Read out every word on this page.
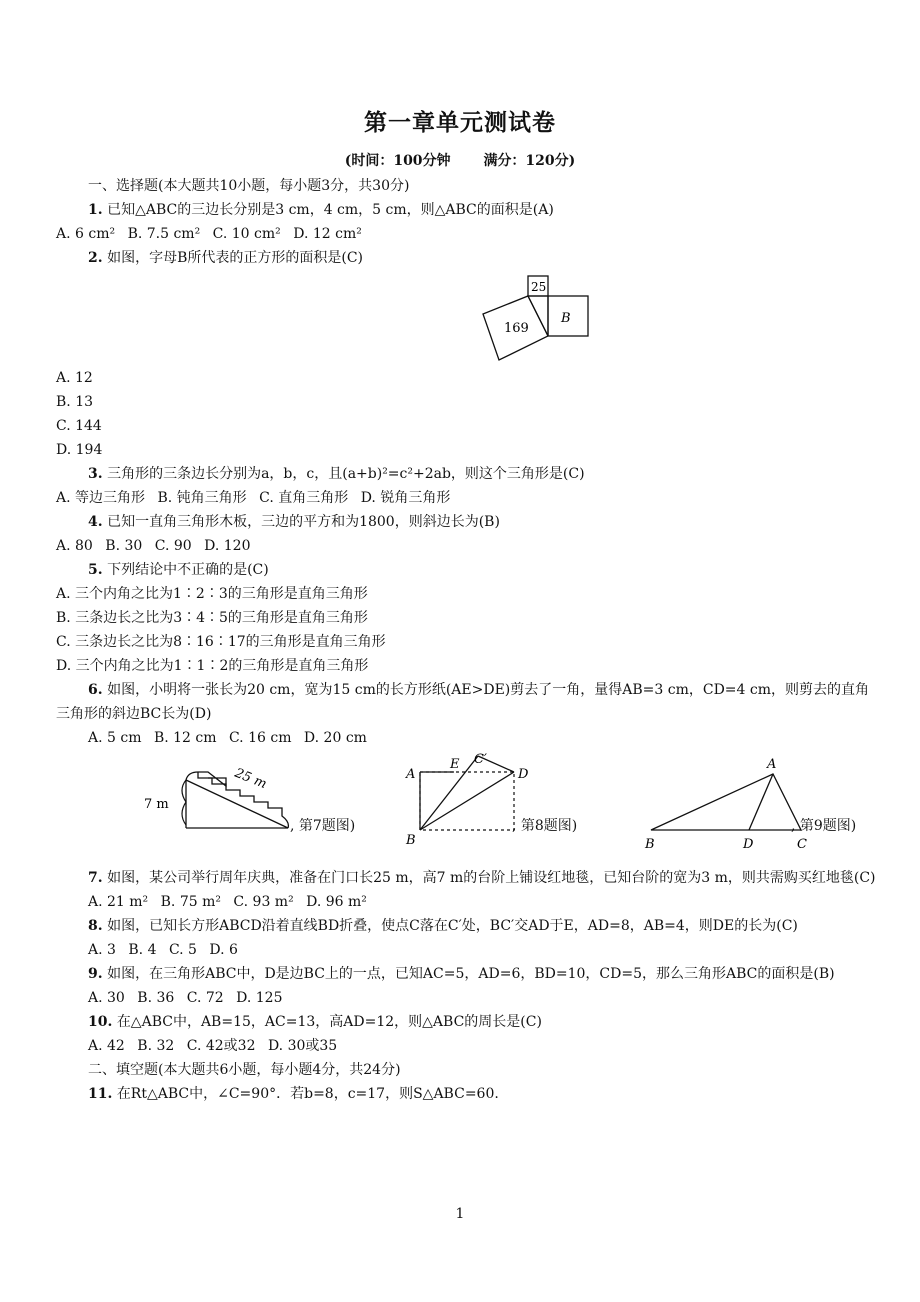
第一章单元测试卷
(时间：100分钟 满分：120分)
一、选择题(本大题共10小题，每小题3分，共30分)
1. 已知△ABC的三边长分别是3 cm，4 cm，5 cm，则△ABC的面积是(A)
A. 6 cm² B. 7.5 cm² C. 10 cm² D. 12 cm²
2. 如图，字母B所代表的正方形的面积是(C)
25
169
B
A. 12
B. 13
C. 144
D. 194
3. 三角形的三条边长分别为a，b，c，且(a+b)²=c²+2ab，则这个三角形是(C)
A. 等边三角形 B. 钝角三角形 C. 直角三角形 D. 锐角三角形
4. 已知一直角三角形木板，三边的平方和为1800，则斜边长为(B)
A. 80 B. 30 C. 90 D. 120
5. 下列结论中不正确的是(C)
A. 三个内角之比为1∶2∶3的三角形是直角三角形
B. 三条边长之比为3∶4∶5的三角形是直角三角形
C. 三条边长之比为8∶16∶17的三角形是直角三角形
D. 三个内角之比为1∶1∶2的三角形是直角三角形
6. 如图，小明将一张长为20 cm，宽为15 cm的长方形纸(AE>DE)剪去了一角，量得AB=3 cm，CD=4 cm，则剪去的直角三角形的斜边BC长为(D)
A. 5 cm B. 12 cm C. 16 cm D. 20 cm
25 m
7 m
, 第7题图)
A
B
D
E C′
, 第8题图)
A
B	D	C
, 第9题图)
7. 如图，某公司举行周年庆典，准备在门口长25 m，高7 m的台阶上铺设红地毯，已知台阶的宽为3 m，则共需购买红地毯(C)
A. 21 m² B. 75 m² C. 93 m² D. 96 m²
8. 如图，已知长方形ABCD沿着直线BD折叠，使点C落在C′处，BC′交AD于E，AD=8，AB=4，则DE的长为(C)
A. 3 B. 4 C. 5 D. 6
9. 如图，在三角形ABC中，D是边BC上的一点，已知AC=5，AD=6，BD=10，CD=5，那么三角形ABC的面积是(B)
A. 30 B. 36 C. 72 D. 125
10. 在△ABC中，AB=15，AC=13，高AD=12，则△ABC的周长是(C)
A. 42 B. 32 C. 42或32 D. 30或35
二、填空题(本大题共6小题，每小题4分，共24分)
11. 在Rt△ABC中，∠C=90°．若b=8，c=17，则S△ABC=60.
1
